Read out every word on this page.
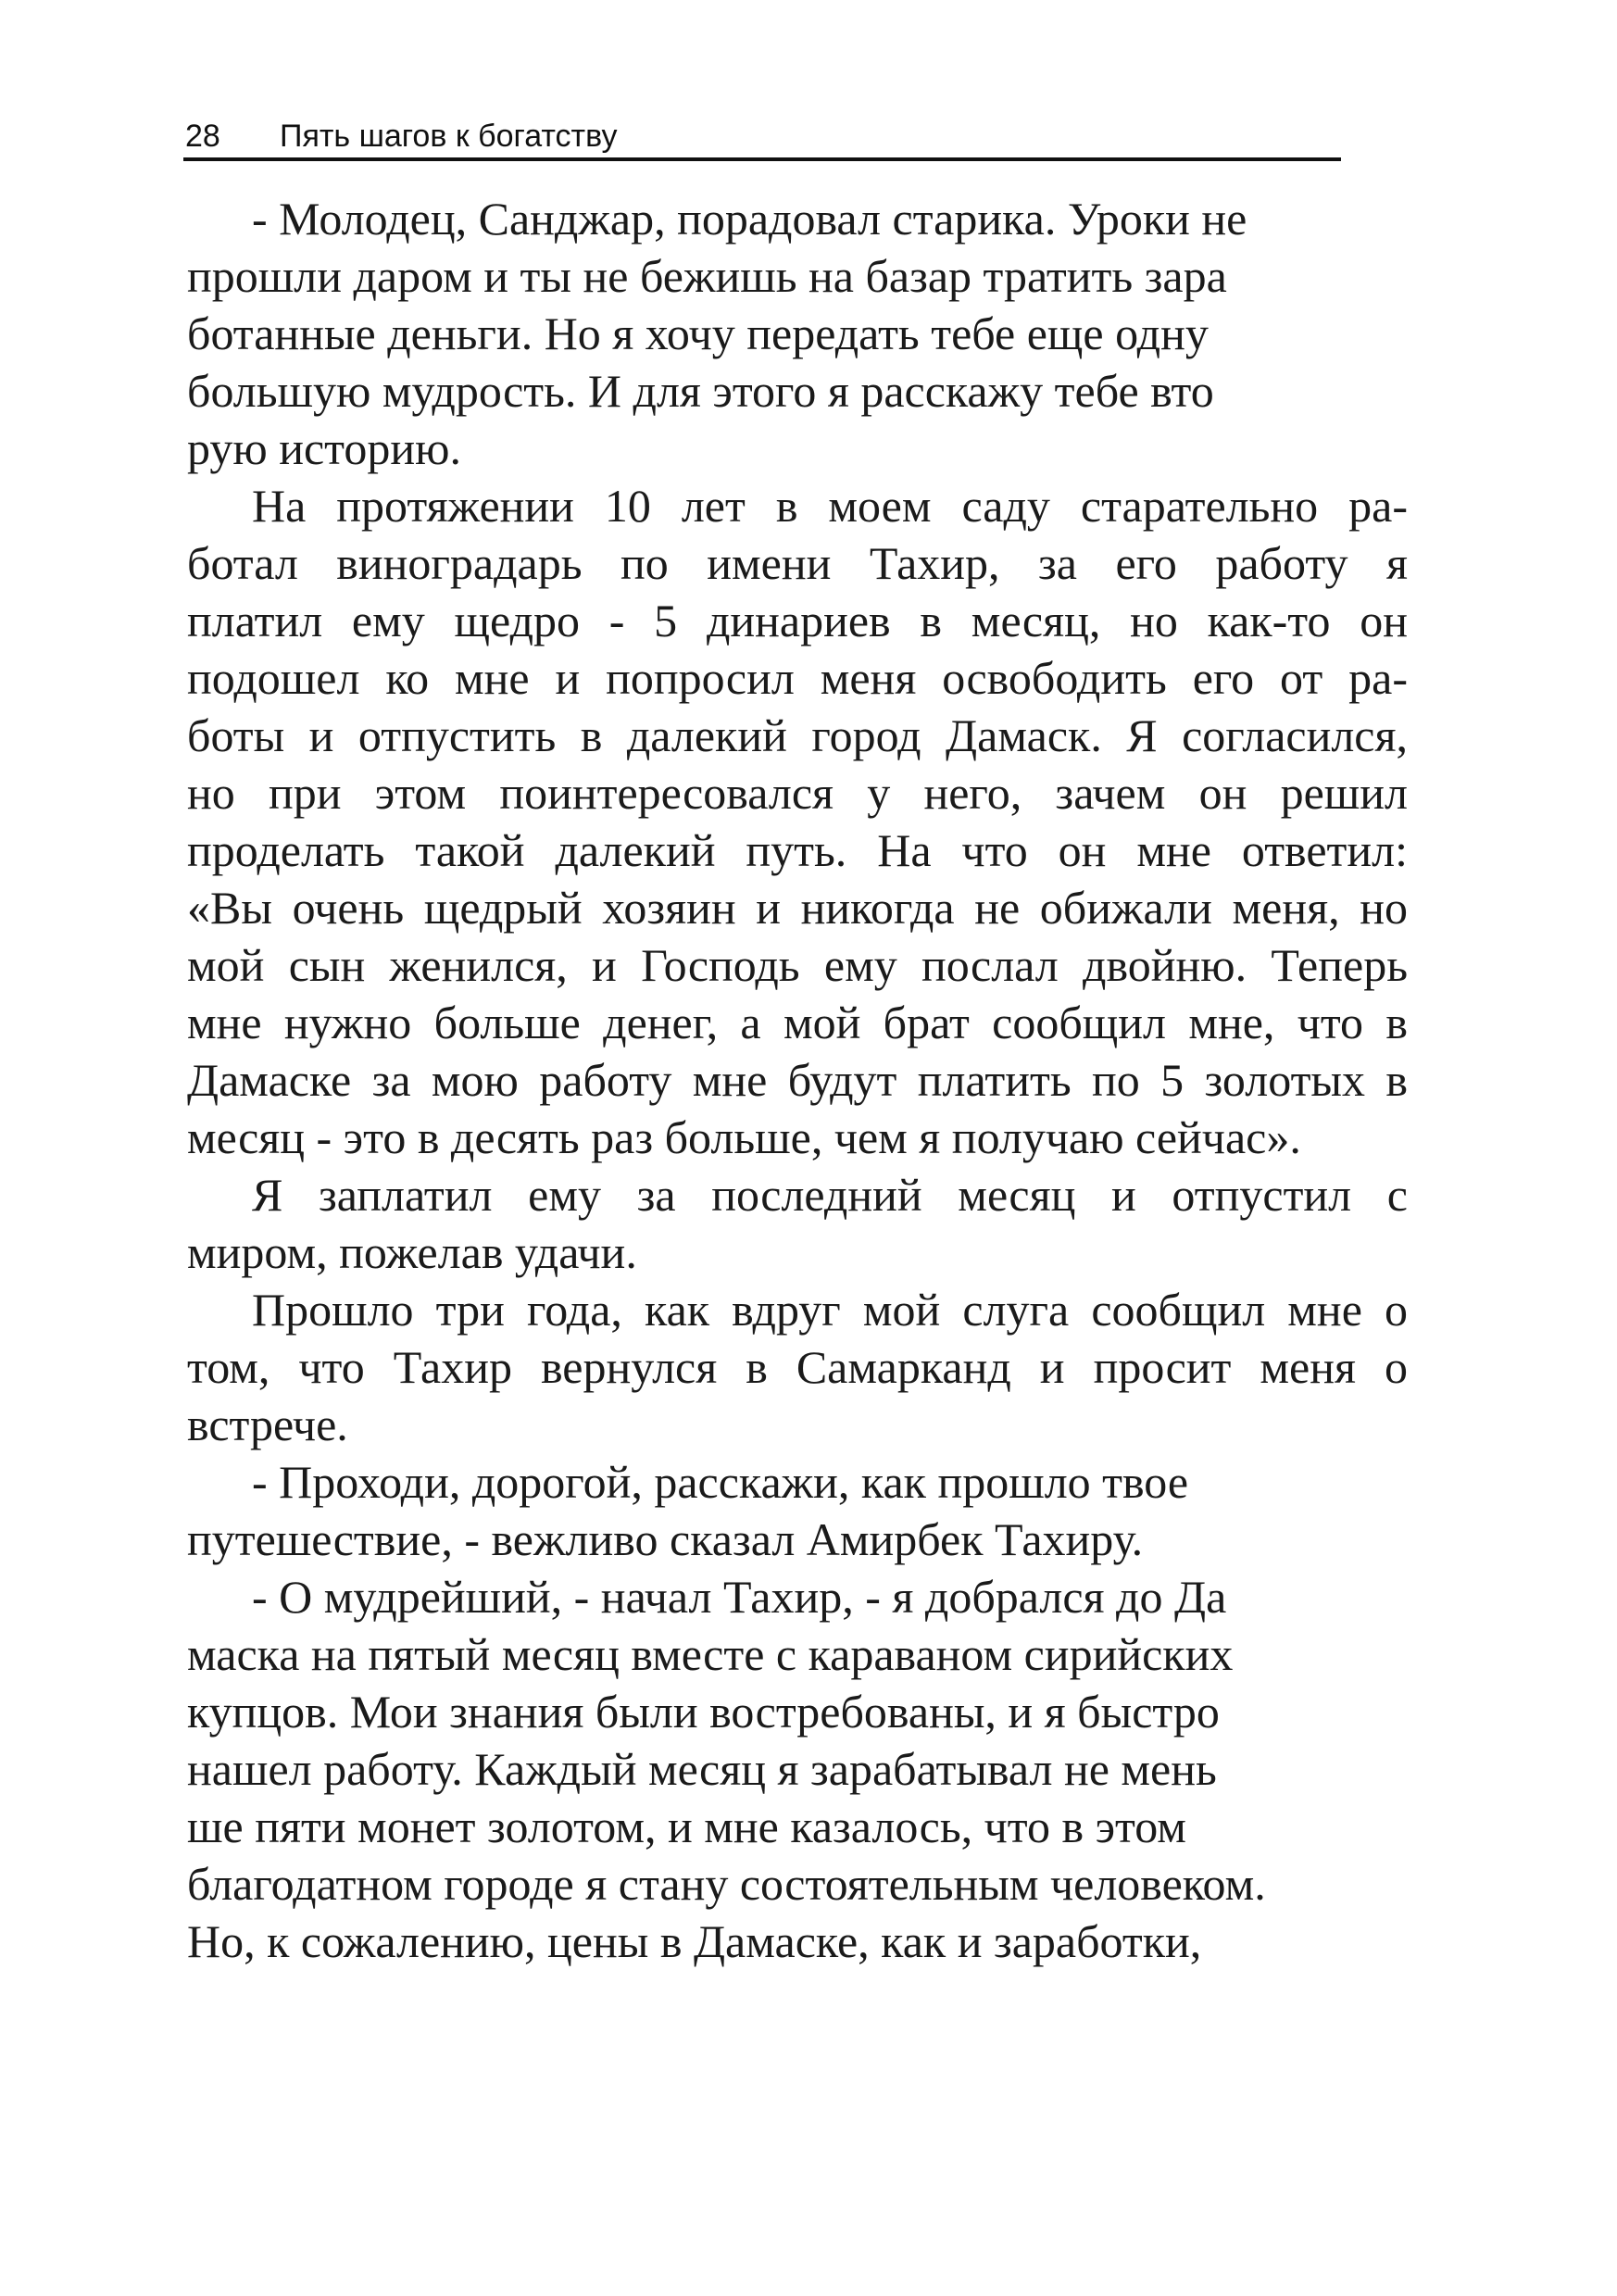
28 Пять шагов к богатству
- Молодец, Санджар, порадовал старика. Уроки не
прошли даром и ты не бежишь на базар тратить зара
ботанные деньги. Но я хочу передать тебе еще одну
большую мудрость. И для этого я расскажу тебе вто
рую историю.
На протяжении 10 лет в моем саду старательно ра-
ботал виноградарь по имени Тахир, за его работу я
платил ему щедро - 5 динариев в месяц, но как-то он
подошел ко мне и попросил меня освободить его от ра-
боты и отпустить в далекий город Дамаск. Я согласился,
но при этом поинтересовался у него, зачем он решил
проделать такой далекий путь. На что он мне ответил:
«Вы очень щедрый хозяин и никогда не обижали меня, но
мой сын женился, и Господь ему послал двойню. Теперь
мне нужно больше денег, а мой брат сообщил мне, что в
Дамаске за мою работу мне будут платить по 5 золотых в
месяц - это в десять раз больше, чем я получаю сейчас».
Я заплатил ему за последний месяц и отпустил с
миром, пожелав удачи.
Прошло три года, как вдруг мой слуга сообщил мне о
том, что Тахир вернулся в Самарканд и просит меня о
встрече.
- Проходи, дорогой, расскажи, как прошло твое
путешествие, - вежливо сказал Амирбек Тахиру.
- О мудрейший, - начал Тахир, - я добрался до Да
маска на пятый месяц вместе с караваном сирийских
купцов. Мои знания были востребованы, и я быстро
нашел работу. Каждый месяц я зарабатывал не мень
ше пяти монет золотом, и мне казалось, что в этом
благодатном городе я стану состоятельным человеком.
Но, к сожалению, цены в Дамаске, как и заработки,
